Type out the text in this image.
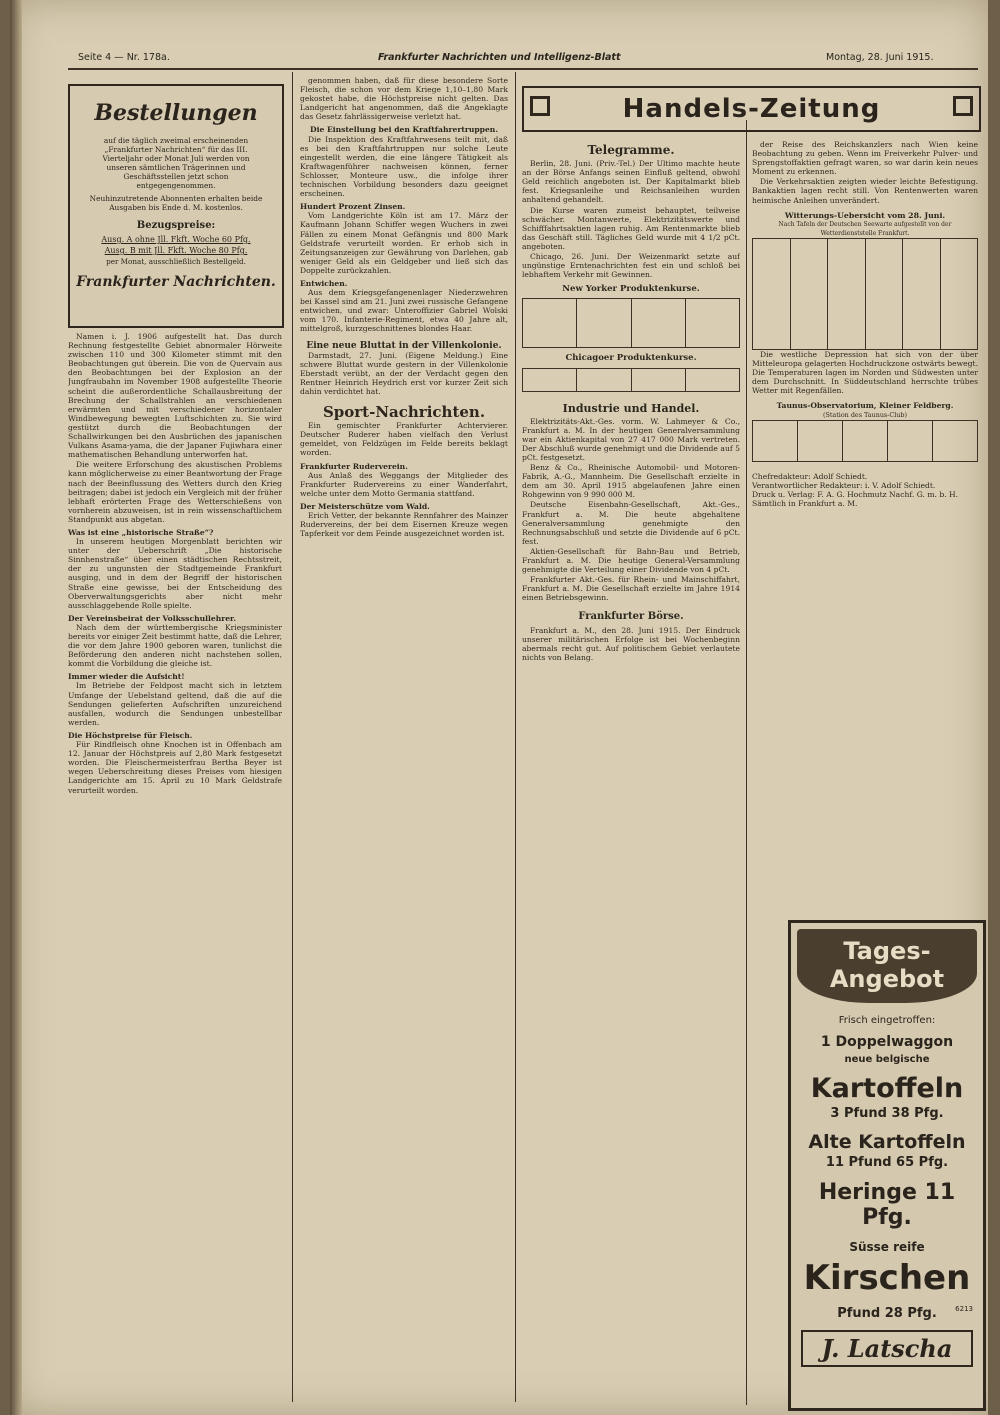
Seite 4 — Nr. 178a.	Frankfurter Nachrichten und Intelligenz-Blatt	Montag, 28. Juni 1915.
Bestellungen
auf die täglich zweimal erscheinenden „Frankfurter Nachrichten“ für das III. Vierteljahr oder Monat Juli werden von unseren sämtlichen Trägerinnen und Geschäftsstellen jetzt schon entgegengenommen.
Neuhinzutretende Abonnenten erhalten beide Ausgaben bis Ende d. M. kostenlos.
Bezugspreise:
Ausg. A ohne Jll. Fkft. Woche 60 Pfg.
Ausg. B mit Jll. Fkft. Woche 80 Pfg.
per Monat, ausschließlich Bestellgeld.
Frankfurter Nachrichten.

Namen i. J. 1906 aufgestellt hat. Das durch Rechnung festgestellte Gebiet abnormaler Hörweite zwischen 110 und 300 Kilometer stimmt mit den Beobachtungen gut überein. Die von de Quervain aus den Beobachtungen bei der Explosion an der Jungfraubahn im November 1908 aufgestellte Theorie scheint die außerordentliche Schallausbreitung der Brechung der Schallstrahlen an verschiedenen erwärmten und mit verschiedener horizontaler Windbewegung bewegten Luftschichten zu. Sie wird gestützt durch die Beobachtungen der Schallwirkungen bei den Ausbrüchen des japanischen Vulkans Asama-yama, die der Japaner Fujiwhara einer mathematischen Behandlung unterworfen hat.

Die weitere Erforschung des akustischen Problems kann möglicherweise zu einer Beantwortung der Frage nach der Beeinflussung des Wetters durch den Krieg beitragen; dabei ist jedoch ein Vergleich mit der früher lebhaft erörterten Frage des Wetterschießens von vornherein abzuweisen, ist in rein wissenschaftlichem Standpunkt aus abgetan.

Was ist eine „historische Straße“?

In unserem heutigen Morgenblatt berichten wir unter der Ueberschrift „Die historische Sinnhenstraße“ über einen städtischen Rechtsstreit, der zu ungunsten der Stadtgemeinde Frankfurt ausging, und in dem der Begriff der historischen Straße eine gewisse, bei der Entscheidung des Oberverwaltungsgerichts aber nicht mehr ausschlaggebende Rolle spielte.

Der Vereinsbeirat der Volksschullehrer.

Nach dem der württembergische Kriegsminister bereits vor einiger Zeit bestimmt hatte, daß die Lehrer, die vor dem Jahre 1900 geboren waren, tunlichst die Beförderung den anderen nicht nachstehen sollen, kommt die Vorbildung die gleiche ist.

Immer wieder die Aufsicht!

Im Betriebe der Feldpost macht sich in letztem Umfange der Uebelstand geltend, daß die auf die Sendungen gelieferten Aufschriften unzureichend ausfallen, wodurch die Sendungen unbestellbar werden.

Die Höchstpreise für Fleisch.

Für Rindfleisch ohne Knochen ist in Offenbach am 12. Januar der Höchstpreis auf 2,80 Mark festgesetzt worden. Die Fleischermeisterfrau Bertha Beyer ist wegen Ueberschreitung dieses Preises vom hiesigen Landgerichte am 15. April zu 10 Mark Geldstrafe verurteilt worden.

genommen haben, daß für diese besondere Sorte Fleisch, die schon vor dem Kriege 1,10–1,80 Mark gekostet habe, die Höchstpreise nicht gelten. Das Landgericht hat angenommen, daß die Angeklagte das Gesetz fahrlässigerweise verletzt hat.

Die Einstellung bei den Kraftfahrertruppen.

Die Inspektion des Kraftfahrwesens teilt mit, daß es bei den Kraftfahrtruppen nur solche Leute eingestellt werden, die eine längere Tätigkeit als Kraftwagenführer nachweisen können, ferner Schlosser, Monteure usw., die infolge ihrer technischen Vorbildung besonders dazu geeignet erscheinen.

Hundert Prozent Zinsen.

Vom Landgerichte Köln ist am 17. März der Kaufmann Johann Schiffer wegen Wuchers in zwei Fällen zu einem Monat Gefängnis und 800 Mark Geldstrafe verurteilt worden. Er erhob sich in Zeitungsanzeigen zur Gewährung von Darlehen, gab weniger Geld als ein Geldgeber und ließ sich das Doppelte zurückzahlen.

Entwichen.

Aus dem Kriegsgefangenenlager Niederzwehren bei Kassel sind am 21. Juni zwei russische Gefangene entwichen, und zwar: Unteroffizier Gabriel Wolski vom 170. Infanterie-Regiment, etwa 40 Jahre alt, mittelgroß, kurzgeschnittenes blondes Haar.

Eine neue Bluttat in der Villenkolonie.

Darmstadt, 27. Juni. (Eigene Meldung.) Eine schwere Bluttat wurde gestern in der Villenkolonie Eberstadt verübt, an der der Verdacht gegen den Rentner Heinrich Heydrich erst vor kurzer Zeit sich dahin verdichtet hat.

Sport-Nachrichten.

Ein gemischter Frankfurter Achtervierer. Deutscher Ruderer haben vielfach den Verlust gemeldet, von Feldzügen im Felde bereits beklagt worden.

Frankfurter Ruderverein.

Aus Anlaß des Weggangs der Mitglieder des Frankfurter Rudervereins zu einer Wanderfahrt, welche unter dem Motto Germania stattfand.

Der Meisterschütze vom Wald.

Erich Vetter, der bekannte Rennfahrer des Mainzer Rudervereins, der bei dem Eisernen Kreuze wegen Tapferkeit vor dem Feinde ausgezeichnet worden ist.

Handels-Zeitung
Telegramme.

Berlin, 28. Juni. (Priv.-Tel.) Der Ultimo machte heute an der Börse Anfangs seinen Einfluß geltend, obwohl Geld reichlich angeboten ist. Der Kapitalmarkt blieb fest. Kriegsanleihe und Reichsanleihen wurden anhaltend gehandelt.

Die Kurse waren zumeist behauptet, teilweise schwächer. Montanwerte, Elektrizitätswerte und Schifffahrtsaktien lagen ruhig. Am Rentenmarkte blieb das Geschäft still. Tägliches Geld wurde mit 4 1/2 pCt. angeboten.

Chicago, 26. Juni. Der Weizenmarkt setzte auf ungünstige Erntenachrichten fest ein und schloß bei lebhaftem Verkehr mit Gewinnen.

New Yorker Produktenkurse.

Chicagoer Produktenkurse.

Industrie und Handel.

Elektrizitäts-Akt.-Ges. vorm. W. Lahmeyer & Co., Frankfurt a. M. In der heutigen Generalversammlung war ein Aktienkapital von 27 417 000 Mark vertreten. Der Abschluß wurde genehmigt und die Dividende auf 5 pCt. festgesetzt.

Benz & Co., Rheinische Automobil- und Motoren-Fabrik, A.-G., Mannheim. Die Gesellschaft erzielte in dem am 30. April 1915 abgelaufenen Jahre einen Rohgewinn von 9 990 000 M.

Deutsche Eisenbahn-Gesellschaft, Akt.-Ges., Frankfurt a. M. Die heute abgehaltene Generalversammlung genehmigte den Rechnungsabschluß und setzte die Dividende auf 6 pCt. fest.

Aktien-Gesellschaft für Bahn-Bau und Betrieb, Frankfurt a. M. Die heutige General-Versammlung genehmigte die Verteilung einer Dividende von 4 pCt.

Frankfurter Akt.-Ges. für Rhein- und Mainschiffahrt, Frankfurt a. M. Die Gesellschaft erzielte im Jahre 1914 einen Betriebsgewinn.

Frankfurter Börse.

Frankfurt a. M., den 28. Juni 1915. Der Eindruck unserer militärischen Erfolge ist bei Wochenbeginn abermals recht gut. Auf politischem Gebiet verlautete nichts von Belang.

der Reise des Reichskanzlers nach Wien keine Beobachtung zu geben. Wenn im Freiverkehr Pulver- und Sprengstoffaktien gefragt waren, so war darin kein neues Moment zu erkennen.

Die Verkehrsaktien zeigten wieder leichte Befestigung. Bankaktien lagen recht still. Von Rentenwerten waren heimische Anleihen unverändert.

Witterungs-Uebersicht vom 28. Juni.
Nach Tafeln der Deutschen Seewarte aufgestellt von der Wetterdienststelle Frankfurt.

Die westliche Depression hat sich von der über Mitteleuropa gelagerten Hochdruckzone ostwärts bewegt. Die Temperaturen lagen im Norden und Südwesten unter dem Durchschnitt. In Süddeutschland herrschte trübes Wetter mit Regenfällen.

Taunus-Observatorium, Kleiner Feldberg.
(Station des Taunus-Club)

Chefredakteur: Adolf Schiedt.
Verantwortlicher Redakteur: i. V. Adolf Schiedt.
Druck u. Verlag: F. A. G. Hochmutz Nachf. G. m. b. H.
Sämtlich in Frankfurt a. M.
Tages-
Angebot
Frisch eingetroffen:
1 Doppelwaggon
neue belgische
Kartoffeln
3 Pfund 38 Pfg.
Alte Kartoffeln
11 Pfund 65 Pfg.
Heringe 11 Pfg.
Süsse reife
Kirschen
Pfund 28 Pfg.	6213
J. Latscha
